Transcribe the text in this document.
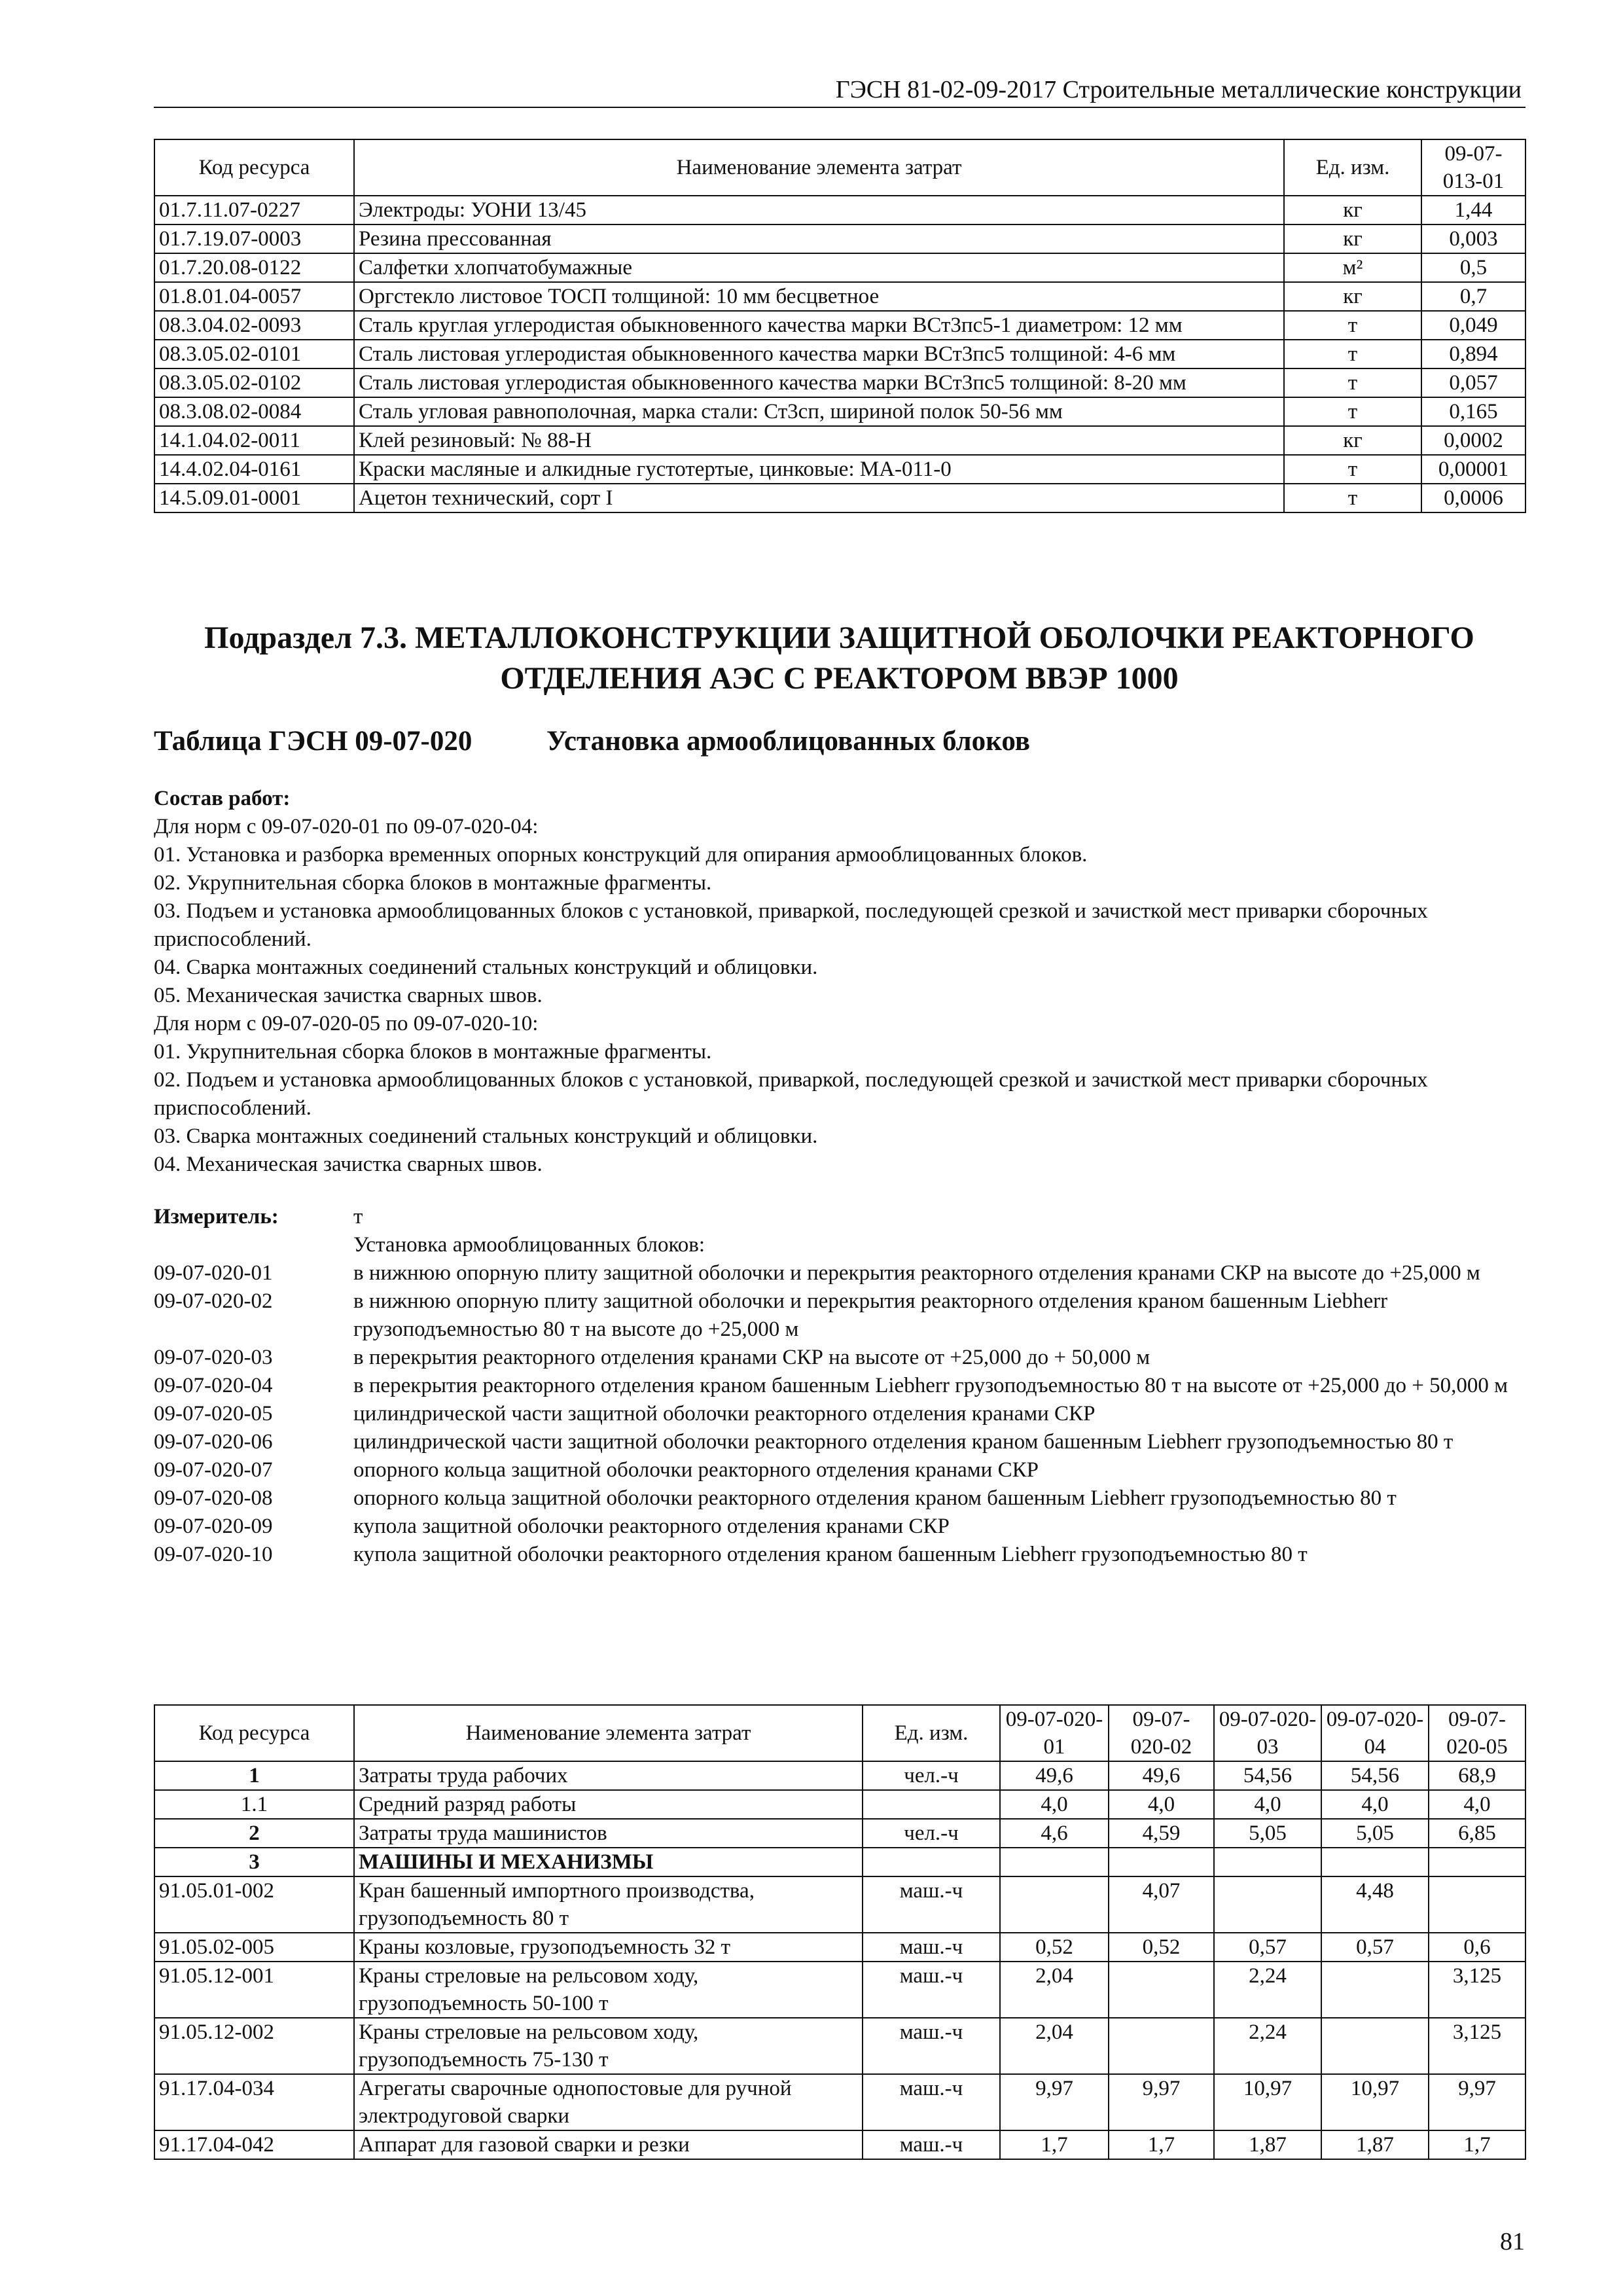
ГЭСН 81-02-09-2017 Строительные металлические конструкции
Код ресурса	Наименование элемента затрат	Ед. изм.	09-07-013-01
01.7.11.07-0227	Электроды: УОНИ 13/45	кг	1,44
01.7.19.07-0003	Резина прессованная	кг	0,003
01.7.20.08-0122	Салфетки хлопчатобумажные	м²	0,5
01.8.01.04-0057	Оргстекло листовое ТОСП толщиной: 10 мм бесцветное	кг	0,7
08.3.04.02-0093	Сталь круглая углеродистая обыкновенного качества марки ВСт3пс5-1 диаметром: 12 мм	т	0,049
08.3.05.02-0101	Сталь листовая углеродистая обыкновенного качества марки ВСт3пс5 толщиной: 4-6 мм	т	0,894
08.3.05.02-0102	Сталь листовая углеродистая обыкновенного качества марки ВСт3пс5 толщиной: 8-20 мм	т	0,057
08.3.08.02-0084	Сталь угловая равнополочная, марка стали: Ст3сп, шириной полок 50-56 мм	т	0,165
14.1.04.02-0011	Клей резиновый: № 88-Н	кг	0,0002
14.4.02.04-0161	Краски масляные и алкидные густотертые, цинковые: МА-011-0	т	0,00001
14.5.09.01-0001	Ацетон технический, сорт I	т	0,0006
Подраздел 7.3. МЕТАЛЛОКОНСТРУКЦИИ ЗАЩИТНОЙ ОБОЛОЧКИ РЕАКТОРНОГО ОТДЕЛЕНИЯ АЭС С РЕАКТОРОМ ВВЭР 1000
Таблица ГЭСН 09-07-020	Установка армооблицованных блоков
Состав работ:
Для норм с 09-07-020-01 по 09-07-020-04:
01. Установка и разборка временных опорных конструкций для опирания армооблицованных блоков.
02. Укрупнительная сборка блоков в монтажные фрагменты.
03. Подъем и установка армооблицованных блоков с установкой, приваркой, последующей срезкой и зачисткой мест приварки сборочных приспособлений.
04. Сварка монтажных соединений стальных конструкций и облицовки.
05. Механическая зачистка сварных швов.
Для норм с 09-07-020-05 по 09-07-020-10:
01. Укрупнительная сборка блоков в монтажные фрагменты.
02. Подъем и установка армооблицованных блоков с установкой, приваркой, последующей срезкой и зачисткой мест приварки сборочных приспособлений.
03. Сварка монтажных соединений стальных конструкций и облицовки.
04. Механическая зачистка сварных швов.
Измеритель:	т
Установка армооблицованных блоков:
09-07-020-01	в нижнюю опорную плиту защитной оболочки и перекрытия реакторного отделения кранами СКР на высоте до +25,000 м
09-07-020-02	в нижнюю опорную плиту защитной оболочки и перекрытия реакторного отделения краном башенным Liebherr грузоподъемностью 80 т на высоте до +25,000 м
09-07-020-03	в перекрытия реакторного отделения кранами СКР на высоте от +25,000 до + 50,000 м
09-07-020-04	в перекрытия реакторного отделения краном башенным Liebherr грузоподъемностью 80 т на высоте от +25,000 до + 50,000 м
09-07-020-05	цилиндрической части защитной оболочки реакторного отделения кранами СКР
09-07-020-06	цилиндрической части защитной оболочки реакторного отделения краном башенным Liebherr грузоподъемностью 80 т
09-07-020-07	опорного кольца защитной оболочки реакторного отделения кранами СКР
09-07-020-08	опорного кольца защитной оболочки реакторного отделения краном башенным Liebherr грузоподъемностью 80 т
09-07-020-09	купола защитной оболочки реакторного отделения кранами СКР
09-07-020-10	купола защитной оболочки реакторного отделения краном башенным Liebherr грузоподъемностью 80 т
Код ресурса	Наименование элемента затрат	Ед. изм.	09-07-020-01	09-07-020-02	09-07-020-03	09-07-020-04	09-07-020-05
1	Затраты труда рабочих	чел.-ч	49,6	49,6	54,56	54,56	68,9
1.1	Средний разряд работы		4,0	4,0	4,0	4,0	4,0
2	Затраты труда машинистов	чел.-ч	4,6	4,59	5,05	5,05	6,85
3	МАШИНЫ И МЕХАНИЗМЫ						
91.05.01-002	Кран башенный импортного производства, грузоподъемность 80 т	маш.-ч		4,07		4,48	
91.05.02-005	Краны козловые, грузоподъемность 32 т	маш.-ч	0,52	0,52	0,57	0,57	0,6
91.05.12-001	Краны стреловые на рельсовом ходу, грузоподъемность 50-100 т	маш.-ч	2,04		2,24		3,125
91.05.12-002	Краны стреловые на рельсовом ходу, грузоподъемность 75-130 т	маш.-ч	2,04		2,24		3,125
91.17.04-034	Агрегаты сварочные однопостовые для ручной электродуговой сварки	маш.-ч	9,97	9,97	10,97	10,97	9,97
91.17.04-042	Аппарат для газовой сварки и резки	маш.-ч	1,7	1,7	1,87	1,87	1,7
81
